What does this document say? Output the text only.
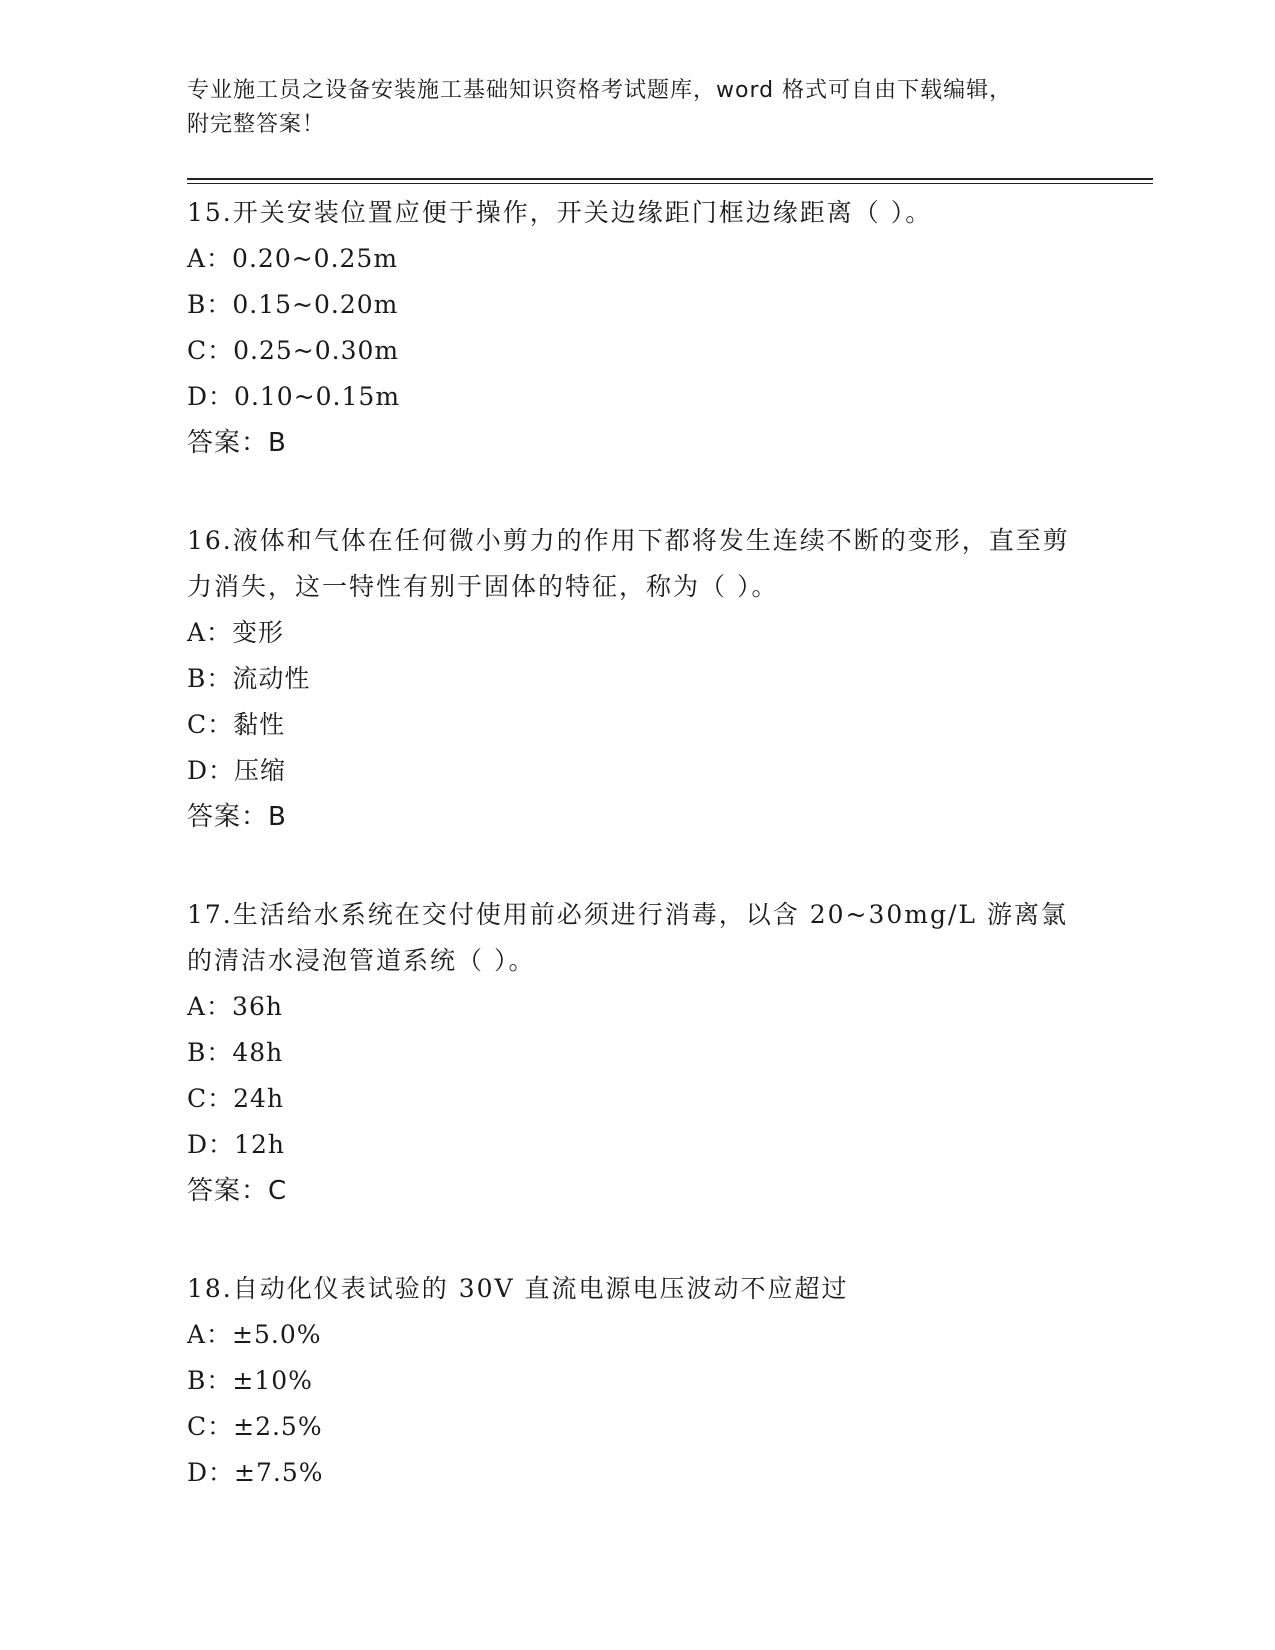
专业施工员之设备安装施工基础知识资格考试题库，word 格式可自由下载编辑，
附完整答案！
15.开关安装位置应便于操作，开关边缘距门框边缘距离（ ）。
A：0.20~0.25m
B：0.15~0.20m
C：0.25~0.30m
D：0.10~0.15m
答案：B
16.液体和气体在任何微小剪力的作用下都将发生连续不断的变形，直至剪力消失，这一特性有别于固体的特征，称为（ ）。
A：变形
B：流动性
C：黏性
D：压缩
答案：B
17.生活给水系统在交付使用前必须进行消毒，以含 20~30mg/L 游离氯的清洁水浸泡管道系统（ ）。
A：36h
B：48h
C：24h
D：12h
答案：C
18.自动化仪表试验的 30V 直流电源电压波动不应超过
A：±5.0%
B：±10%
C：±2.5%
D：±7.5%
